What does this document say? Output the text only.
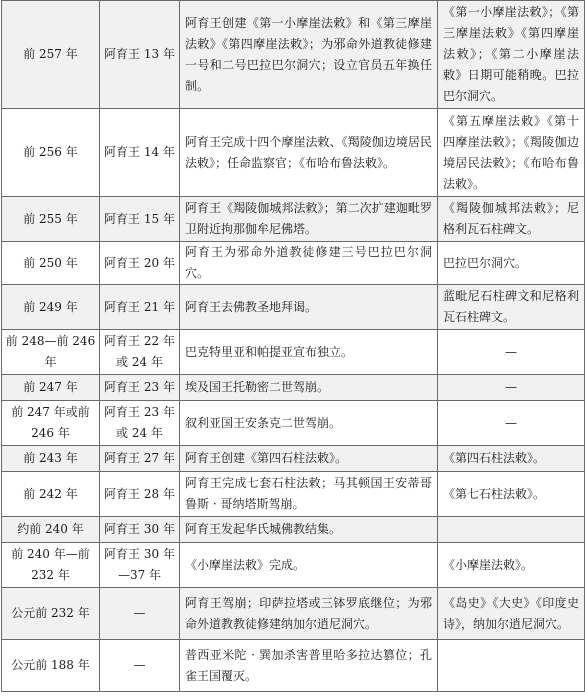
前 257 年	阿育王 13 年	阿育王创建《第一小摩崖法敕》和《第三摩崖法敕》《第四摩崖法敕》；为邪命外道教徒修建一号和二号巴拉巴尔洞穴；设立官员五年换任制。	《第一小摩崖法敕》；《第三摩崖法敕》《第四摩崖法敕》；《第二小摩崖法敕》日期可能稍晚。巴拉巴尔洞穴。
前 256 年	阿育王 14 年	阿育王完成十四个摩崖法敕、《羯陵伽边境居民法敕》；任命监察官；《布哈布鲁法敕》。	《第五摩崖法敕》《第十四摩崖法敕》；《羯陵伽边境居民法敕》；《布哈布鲁法敕》。
前 255 年	阿育王 15 年	阿育王《羯陵伽城邦法敕》；第二次扩建迦毗罗卫附近拘那伽牟尼佛塔。	《羯陵伽城邦法敕》；尼格利瓦石柱碑文。
前 250 年	阿育王 20 年	阿育王为邪命外道教徒修建三号巴拉巴尔洞穴。	巴拉巴尔洞穴。
前 249 年	阿育王 21 年	阿育王去佛教圣地拜谒。	蓝毗尼石柱碑文和尼格利瓦石柱碑文。
前 248—前 246 年	阿育王 22 年或 24 年	巴克特里亚和帕提亚宣布独立。	—
前 247 年	阿育王 23 年	埃及国王托勒密二世驾崩。	—
前 247 年或前 246 年	阿育王 23 年或 24 年	叙利亚国王安条克二世驾崩。	—
前 243 年	阿育王 27 年	阿育王创建《第四石柱法敕》。	《第四石柱法敕》。
前 242 年	阿育王 28 年	阿育王完成七套石柱法敕；马其顿国王安蒂哥鲁斯 · 哥纳塔斯驾崩。	《第七石柱法敕》。
约前 240 年	阿育王 30 年	阿育王发起华氏城佛教结集。	
前 240 年—前 232 年	阿育王 30 年—37 年	《小摩崖法敕》完成。	《小摩崖法敕》。
公元前 232 年	—	阿育王驾崩；印萨拉塔或三钵罗底继位；为邪命外道教教徒修建纳加尔逍尼洞穴。	《岛史》《大史》《印度史诗》，纳加尔逍尼洞穴。
公元前 188 年	—	普西亚米陀 · 巽加杀害普里哈多拉达篡位；孔雀王国覆灭。	
